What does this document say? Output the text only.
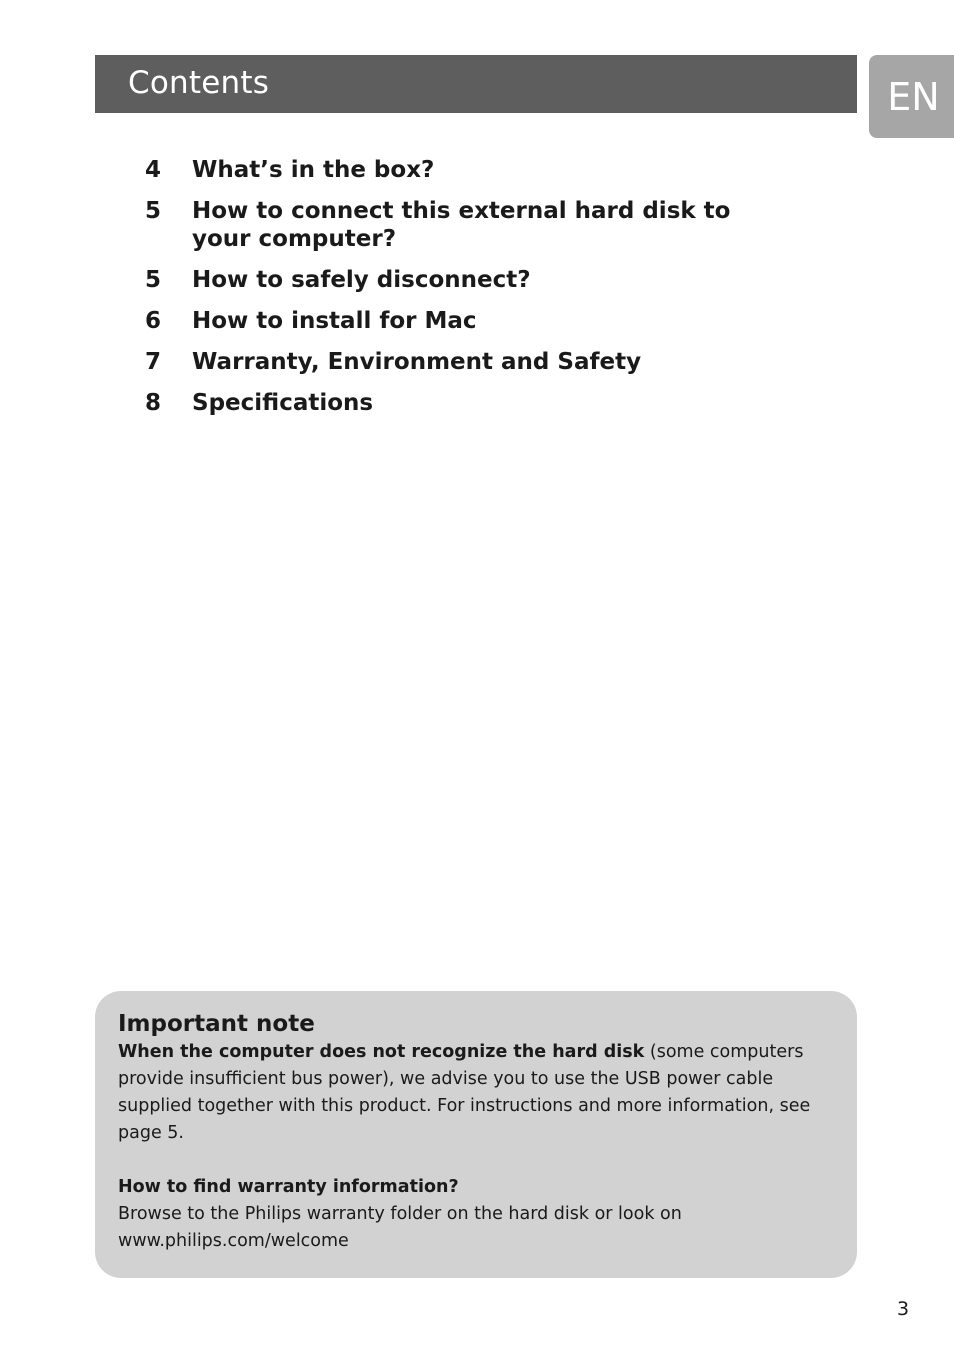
Contents	EN
4	What’s in the box?
5	How to connect this external hard disk to your computer?
5	How to safely disconnect?
6	How to install for Mac
7	Warranty, Environment and Safety
8	Specifications

Important note

When the computer does not recognize the hard disk (some computers provide insufficient bus power), we advise you to use the USB power cable supplied together with this product. For instructions and more information, see page 5.

How to find warranty information?

Browse to the Philips warranty folder on the hard disk or look on www.philips.com/welcome

3
